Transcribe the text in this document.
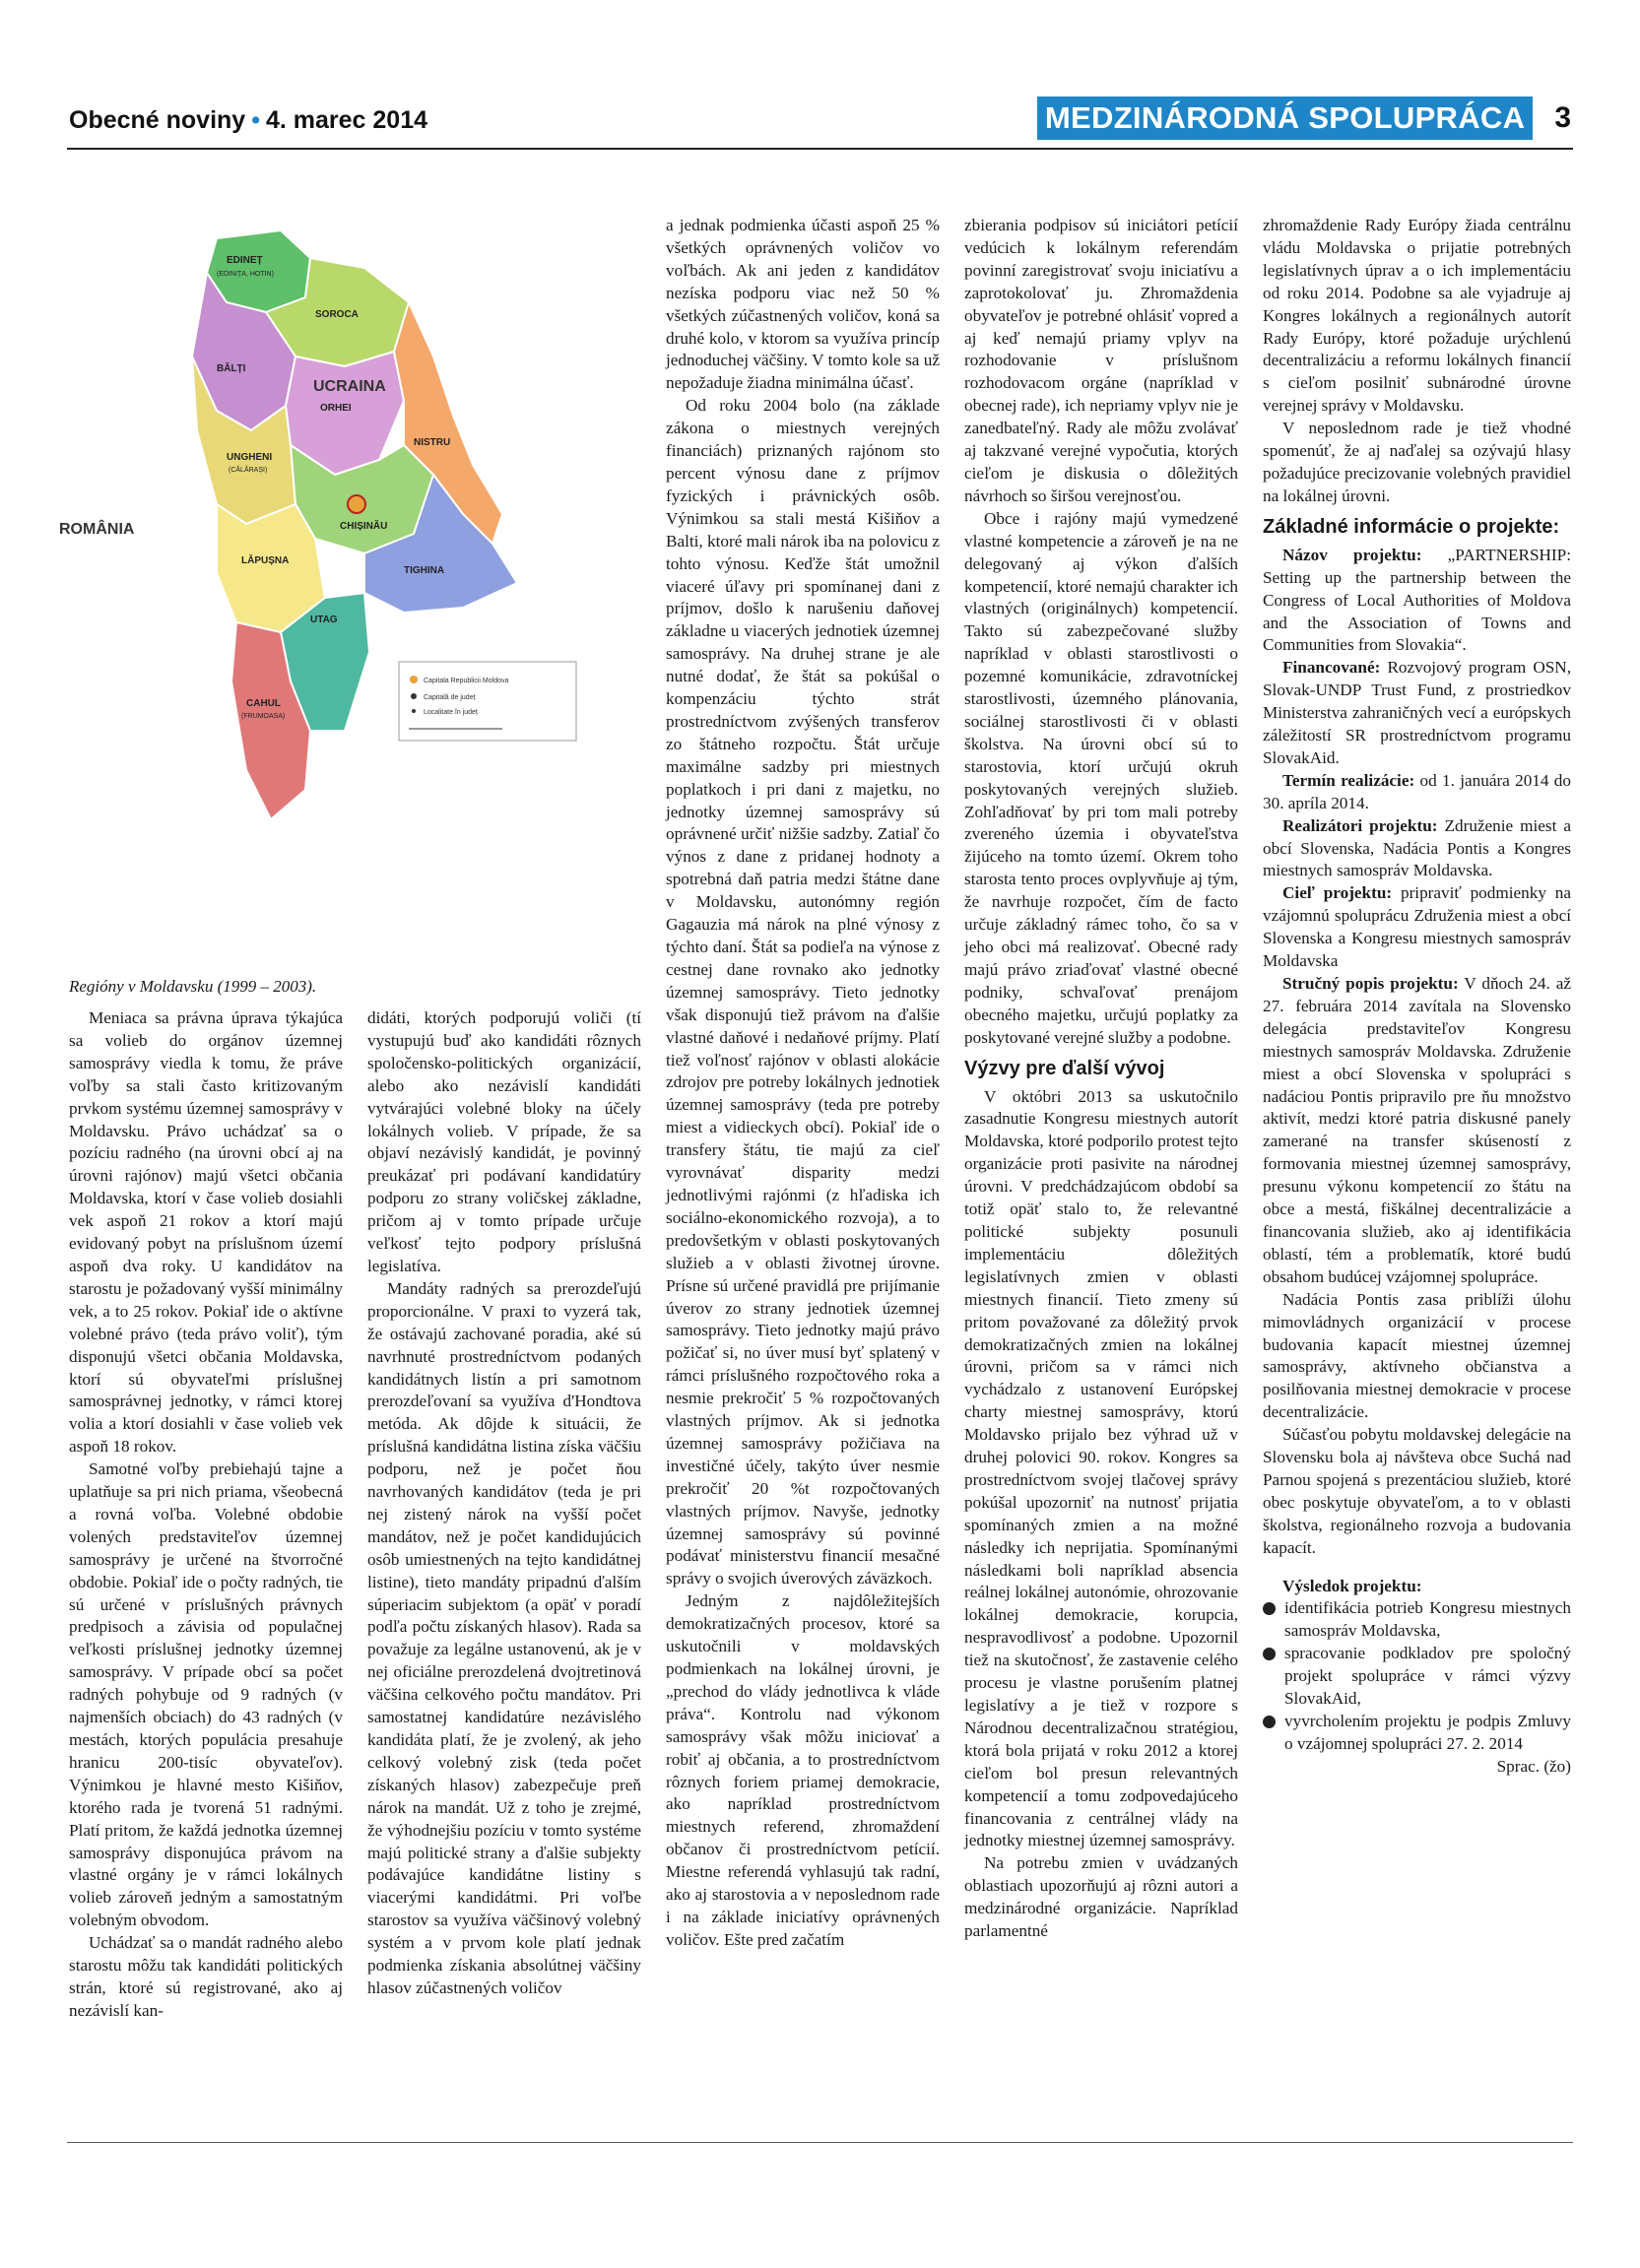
Obecné noviny • 4. marec 2014	MEDZINÁRODNÁ SPOLUPRÁCA 3
UCRAINA
ROMÂNIA
EDINEȚ
(EDINIȚA, HOTIN)
SOROCA
BĂLȚI
ORHEI
UNGHENI
(CĂLĂRAȘI)
NISTRU
CHIȘINĂU
LĂPUȘNA
TIGHINA
UTAG
CAHUL
(FRUMOASA)
Capitala Republicii Moldova
Capitală de județ
Localitate în județ
Regióny v Moldavsku (1999 – 2003).

Meniaca sa právna úprava týkajúca sa volieb do orgánov územnej samosprávy viedla k tomu, že práve voľby sa stali často kritizovaným prvkom systému územnej samosprávy v Moldavsku. Právo uchádzať sa o pozíciu radného (na úrovni obcí aj na úrovni rajónov) majú všetci občania Moldavska, ktorí v čase volieb dosiahli vek aspoň 21 rokov a ktorí majú evidovaný pobyt na príslušnom území aspoň dva roky. U kandidátov na starostu je požadovaný vyšší minimálny vek, a to 25 rokov. Pokiaľ ide o aktívne volebné právo (teda právo voliť), tým disponujú všetci občania Moldavska, ktorí sú obyvateľmi príslušnej samosprávnej jednotky, v rámci ktorej volia a ktorí dosiahli v čase volieb vek aspoň 18 rokov.

Samotné voľby prebiehajú tajne a uplatňuje sa pri nich priama, všeobecná a rovná voľba. Volebné obdobie volených predstaviteľov územnej samosprávy je určené na štvorročné obdobie. Pokiaľ ide o počty radných, tie sú určené v príslušných právnych predpisoch a závisia od populačnej veľkosti príslušnej jednotky územnej samosprávy. V prípade obcí sa počet radných pohybuje od 9 radných (v najmenších obciach) do 43 radných (v mestách, ktorých populácia presahuje hranicu 200-tisíc obyvateľov). Výnimkou je hlavné mesto Kišiňov, ktorého rada je tvorená 51 radnými. Platí pritom, že každá jednotka územnej samosprávy disponujúca právom na vlastné orgány je v rámci lokálnych volieb zároveň jedným a samostatným volebným obvodom.

Uchádzať sa o mandát radného alebo starostu môžu tak kandidáti politických strán, ktoré sú registrované, ako aj nezávislí kan-

didáti, ktorých podporujú voliči (tí vystupujú buď ako kandidáti rôznych spoločensko-politických organizácií, alebo ako nezávislí kandidáti vytvárajúci volebné bloky na účely lokálnych volieb. V prípade, že sa objaví nezávislý kandidát, je povinný preukázať pri podávaní kandidatúry podporu zo strany voličskej základne, pričom aj v tomto prípade určuje veľkosť tejto podpory príslušná legislatíva.

Mandáty radných sa prerozdeľujú proporcionálne. V praxi to vyzerá tak, že ostávajú zachované poradia, aké sú navrhnuté prostredníctvom podaných kandidátnych listín a pri samotnom prerozdeľovaní sa využíva d'Hondtova metóda. Ak dôjde k situácii, že príslušná kandidátna listina získa väčšiu podporu, než je počet ňou navrhovaných kandidátov (teda je pri nej zistený nárok na vyšší počet mandátov, než je počet kandidujúcich osôb umiestnených na tejto kandidátnej listine), tieto mandáty pripadnú ďalším súperiacim subjektom (a opäť v poradí podľa počtu získaných hlasov). Rada sa považuje za legálne ustanovenú, ak je v nej oficiálne prerozdelená dvojtretinová väčšina celkového počtu mandátov. Pri samostatnej kandidatúre nezávislého kandidáta platí, že je zvolený, ak jeho celkový volebný zisk (teda počet získaných hlasov) zabezpečuje preň nárok na mandát. Už z toho je zrejmé, že výhodnejšiu pozíciu v tomto systéme majú politické strany a ďalšie subjekty podávajúce kandidátne listiny s viacerými kandidátmi. Pri voľbe starostov sa využíva väčšinový volebný systém a v prvom kole platí jednak podmienka získania absolútnej väčšiny hlasov zúčastnených voličov

a jednak podmienka účasti aspoň 25 % všetkých oprávnených voličov vo voľbách. Ak ani jeden z kandidátov nezíska podporu viac než 50 % všetkých zúčastnených voličov, koná sa druhé kolo, v ktorom sa využíva princíp jednoduchej väčšiny. V tomto kole sa už nepožaduje žiadna minimálna účasť.

Od roku 2004 bolo (na základe zákona o miestnych verejných financiách) priznaných rajónom sto percent výnosu dane z príjmov fyzických i právnických osôb. Výnimkou sa stali mestá Kišiňov a Balti, ktoré mali nárok iba na polovicu z tohto výnosu. Keďže štát umožnil viaceré úľavy pri spomínanej dani z príjmov, došlo k narušeniu daňovej základne u viacerých jednotiek územnej samosprávy. Na druhej strane je ale nutné dodať, že štát sa pokúšal o kompenzáciu týchto strát prostredníctvom zvýšených transferov zo štátneho rozpočtu. Štát určuje maximálne sadzby pri miestnych poplatkoch i pri dani z majetku, no jednotky územnej samosprávy sú oprávnené určiť nižšie sadzby. Zatiaľ čo výnos z dane z pridanej hodnoty a spotrebná daň patria medzi štátne dane v Moldavsku, autonómny región Gagauzia má nárok na plné výnosy z týchto daní. Štát sa podieľa na výnose z cestnej dane rovnako ako jednotky územnej samosprávy. Tieto jednotky však disponujú tiež právom na ďalšie vlastné daňové i nedaňové príjmy. Platí tiež voľnosť rajónov v oblasti alokácie zdrojov pre potreby lokálnych jednotiek územnej samosprávy (teda pre potreby miest a vidieckych obcí). Pokiaľ ide o transfery štátu, tie majú za cieľ vyrovnávať disparity medzi jednotlivými rajónmi (z hľadiska ich sociálno-ekonomického rozvoja), a to predovšetkým v oblasti poskytovaných služieb a v oblasti životnej úrovne. Prísne sú určené pravidlá pre prijímanie úverov zo strany jednotiek územnej samosprávy. Tieto jednotky majú právo požičať si, no úver musí byť splatený v rámci príslušného rozpočtového roka a nesmie prekročiť 5 % rozpočtovaných vlastných príjmov. Ak si jednotka územnej samosprávy požičiava na investičné účely, takýto úver nesmie prekročiť 20 %t rozpočtovaných vlastných príjmov. Navyše, jednotky územnej samosprávy sú povinné podávať ministerstvu financií mesačné správy o svojich úverových záväzkoch.

Jedným z najdôležitejších demokratizačných procesov, ktoré sa uskutočnili v moldavských podmienkach na lokálnej úrovni, je „prechod do vlády jednotlivca k vláde práva“. Kontrolu nad výkonom samosprávy však môžu iniciovať a robiť aj občania, a to prostredníctvom rôznych foriem priamej demokracie, ako napríklad prostredníctvom miestnych referend, zhromaždení občanov či prostredníctvom petícií. Miestne referendá vyhlasujú tak radní, ako aj starostovia a v neposlednom rade i na základe iniciatívy oprávnených voličov. Ešte pred začatím

zbierania podpisov sú iniciátori petícií vedúcich k lokálnym referendám povinní zaregistrovať svoju iniciatívu a zaprotokolovať ju. Zhromaždenia obyvateľov je potrebné ohlásiť vopred a aj keď nemajú priamy vplyv na rozhodovanie v príslušnom rozhodovacom orgáne (napríklad v obecnej rade), ich nepriamy vplyv nie je zanedbateľný. Rady ale môžu zvolávať aj takzvané verejné vypočutia, ktorých cieľom je diskusia o dôležitých návrhoch so širšou verejnosťou.

Obce i rajóny majú vymedzené vlastné kompetencie a zároveň je na ne delegovaný aj výkon ďalších kompetencií, ktoré nemajú charakter ich vlastných (originálnych) kompetencií. Takto sú zabezpečované služby napríklad v oblasti starostlivosti o pozemné komunikácie, zdravotníckej starostlivosti, územného plánovania, sociálnej starostlivosti či v oblasti školstva. Na úrovni obcí sú to starostovia, ktorí určujú okruh poskytovaných verejných služieb. Zohľadňovať by pri tom mali potreby zvereného územia i obyvateľstva žijúceho na tomto území. Okrem toho starosta tento proces ovplyvňuje aj tým, že navrhuje rozpočet, čím de facto určuje základný rámec toho, čo sa v jeho obci má realizovať. Obecné rady majú právo zriaďovať vlastné obecné podniky, schvaľovať prenájom obecného majetku, určujú poplatky za poskytované verejné služby a podobne.

Výzvy pre ďalší vývoj

V októbri 2013 sa uskutočnilo zasadnutie Kongresu miestnych autorít Moldavska, ktoré podporilo protest tejto organizácie proti pasivite na národnej úrovni. V predchádzajúcom období sa totiž opäť stalo to, že relevantné politické subjekty posunuli implementáciu dôležitých legislatívnych zmien v oblasti miestnych financií. Tieto zmeny sú pritom považované za dôležitý prvok demokratizačných zmien na lokálnej úrovni, pričom sa v rámci nich vychádzalo z ustanovení Európskej charty miestnej samosprávy, ktorú Moldavsko prijalo bez výhrad už v druhej polovici 90. rokov. Kongres sa prostredníctvom svojej tlačovej správy pokúšal upozorniť na nutnosť prijatia spomínaných zmien a na možné následky ich neprijatia. Spomínanými následkami boli napríklad absencia reálnej lokálnej autonómie, ohrozovanie lokálnej demokracie, korupcia, nespravodlivosť a podobne. Upozornil tiež na skutočnosť, že zastavenie celého procesu je vlastne porušením platnej legislatívy a je tiež v rozpore s Národnou decentralizačnou stratégiou, ktorá bola prijatá v roku 2012 a ktorej cieľom bol presun relevantných kompetencií a tomu zodpovedajúceho financovania z centrálnej vlády na jednotky miestnej územnej samosprávy.

Na potrebu zmien v uvádzaných oblastiach upozorňujú aj rôzni autori a medzinárodné organizácie. Napríklad parlamentné

zhromaždenie Rady Európy žiada centrálnu vládu Moldavska o prijatie potrebných legislatívnych úprav a o ich implementáciu od roku 2014. Podobne sa ale vyjadruje aj Kongres lokálnych a regionálnych autorít Rady Európy, ktoré požaduje urýchlenú decentralizáciu a reformu lokálnych financií s cieľom posilniť subnárodné úrovne verejnej správy v Moldavsku.

V neposlednom rade je tiež vhodné spomenúť, že aj naďalej sa ozývajú hlasy požadujúce precizovanie volebných pravidiel na lokálnej úrovni.

Základné informácie o projekte:

Názov projektu: „PARTNERSHIP: Setting up the partnership between the Congress of Local Authorities of Moldova and the Association of Towns and Communities from Slovakia“.

Financované: Rozvojový program OSN, Slovak-UNDP Trust Fund, z prostriedkov Ministerstva zahraničných vecí a európskych záležitostí SR prostredníctvom programu SlovakAid.

Termín realizácie: od 1. januára 2014 do 30. apríla 2014.

Realizátori projektu: Združenie miest a obcí Slovenska, Nadácia Pontis a Kongres miestnych samospráv Moldavska.

Cieľ projektu: pripraviť podmienky na vzájomnú spoluprácu Združenia miest a obcí Slovenska a Kongresu miestnych samospráv Moldavska

Stručný popis projektu: V dňoch 24. až 27. februára 2014 zavítala na Slovensko delegácia predstaviteľov Kongresu miestnych samospráv Moldavska. Združenie miest a obcí Slovenska v spolupráci s nadáciou Pontis pripravilo pre ňu množstvo aktivít, medzi ktoré patria diskusné panely zamerané na transfer skúseností z formovania miestnej územnej samosprávy, presunu výkonu kompetencií zo štátu na obce a mestá, fiškálnej decentralizácie a financovania služieb, ako aj identifikácia oblastí, tém a problematík, ktoré budú obsahom budúcej vzájomnej spolupráce.

Nadácia Pontis zasa priblíži úlohu mimovládnych organizácií v procese budovania kapacít miestnej územnej samosprávy, aktívneho občianstva a posilňovania miestnej demokracie v procese decentralizácie.

Súčasťou pobytu moldavskej delegácie na Slovensku bola aj návšteva obce Suchá nad Parnou spojená s prezentáciou služieb, ktoré obec poskytuje obyvateľom, a to v oblasti školstva, regionálneho rozvoja a budovania kapacít.

Výsledok projektu:

identifikácia potrieb Kongresu miestnych samospráv Moldavska,

spracovanie podkladov pre spoločný projekt spolupráce v rámci výzvy SlovakAid,

vyvrcholením projektu je podpis Zmluvy o vzájomnej spolupráci 27. 2. 2014

Sprac. (žo)
